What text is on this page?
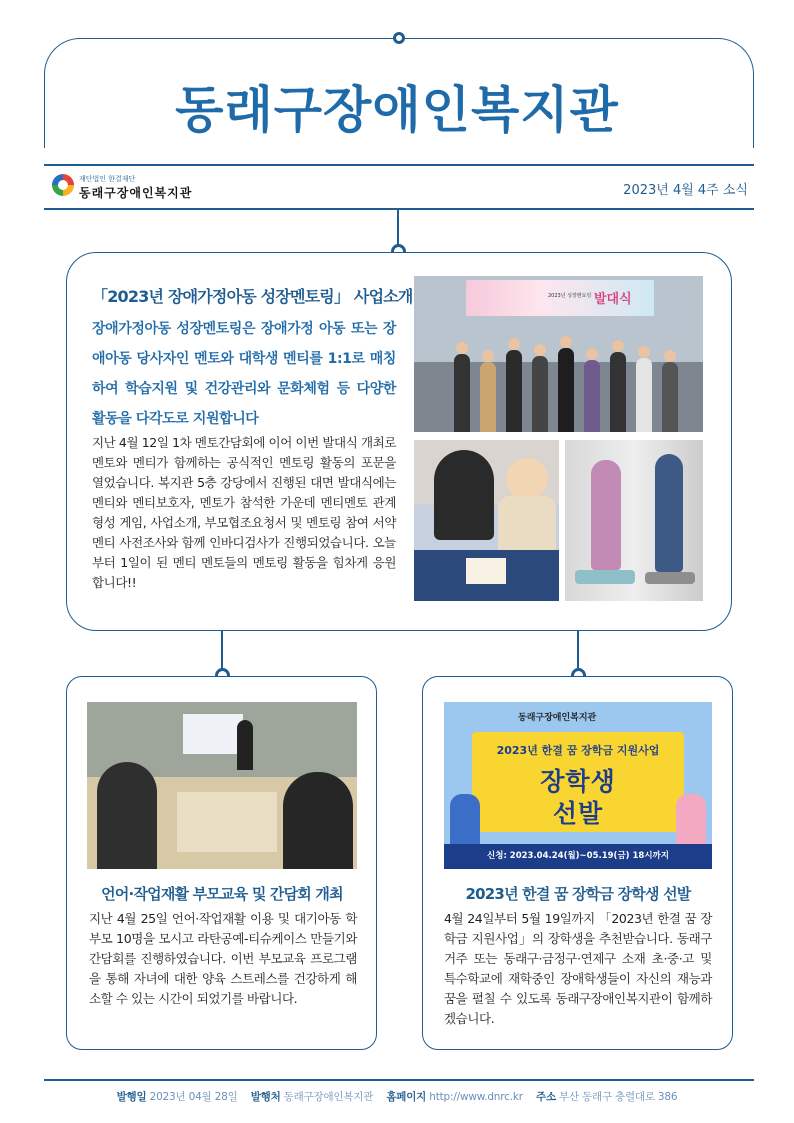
동래구장애인복지관
재단법인 한결재단
동래구장애인복지관	2023년 4월 4주 소식
「2023년 장애가정아동 성장멘토링」 사업소개
장애가정아동 성장멘토링은 장애가정 아동 또는 장애아동 당사자인 멘토와 대학생 멘티를 1:1로 매칭하여 학습지원 및 건강관리와 문화체험 등 다양한 활동을 다각도로 지원합니다
지난 4월 12일 1차 멘토간담회에 이어 이번 발대식 개최로 멘토와 멘티가 함께하는 공식적인 멘토링 활동의 포문을 열었습니다. 복지관 5층 강당에서 진행된 대면 발대식에는 멘티와 멘티보호자, 멘토가 참석한 가운데 멘티멘토 관계형성 게임, 사업소개, 부모협조요청서 및 멘토링 참여 서약 멘티 사전조사와 함께 인바디검사가 진행되었습니다. 오늘부터 1일이 된 멘티 멘토들의 멘토링 활동을 힘차게 응원합니다!!
2023년 성장멘토링 발대식
언어·작업재활 부모교육 및 간담회 개최
지난 4월 25일 언어·작업재활 이용 및 대기아동 학부모 10명을 모시고 라탄공예-티슈케이스 만들기와 간담회를 진행하였습니다. 이번 부모교육 프로그램을 통해 자녀에 대한 양육 스트레스를 건강하게 해소할 수 있는 시간이 되었기를 바랍니다.
동래구장애인복지관
2023년 한결 꿈 장학금 지원사업
장학생
선발
신청: 2023.04.24(월)~05.19(금) 18시까지
2023년 한결 꿈 장학금 장학생 선발
4월 24일부터 5월 19일까지 「2023년 한결 꿈 장학금 지원사업」의 장학생을 추천받습니다. 동래구 거주 또는 동래구·금정구·연제구 소재 초·중·고 및 특수학교에 재학중인 장애학생들이 자신의 재능과 꿈을 펼칠 수 있도록 동래구장애인복지관이 함께하겠습니다.
발행일 2023년 04월 28일 발행처 동래구장애인복지관 홈페이지 http://www.dnrc.kr 주소 부산 동래구 충렬대로 386
